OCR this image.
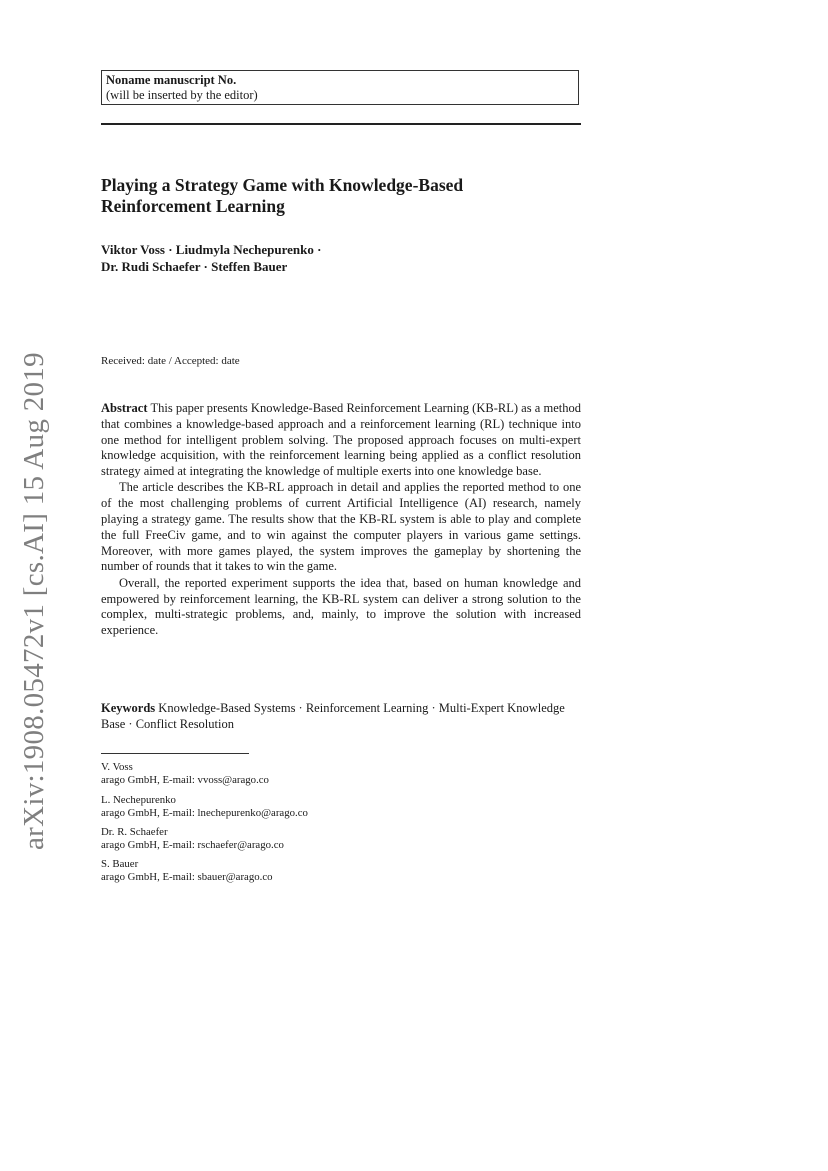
Noname manuscript No.
(will be inserted by the editor)
Playing a Strategy Game with Knowledge-Based
Reinforcement Learning
Viktor Voss · Liudmyla Nechepurenko ·
Dr. Rudi Schaefer · Steffen Bauer
Received: date / Accepted: date

Abstract This paper presents Knowledge-Based Reinforcement Learning (KB-RL) as a method that combines a knowledge-based approach and a reinforcement learning (RL) technique into one method for intelligent problem solving. The proposed approach focuses on multi-expert knowledge acquisition, with the reinforcement learning being applied as a conflict resolution strategy aimed at integrating the knowledge of multiple exerts into one knowledge base.

The article describes the KB-RL approach in detail and applies the reported method to one of the most challenging problems of current Artificial Intelligence (AI) research, namely playing a strategy game. The results show that the KB-RL system is able to play and complete the full FreeCiv game, and to win against the computer players in various game settings. Moreover, with more games played, the system improves the gameplay by shortening the number of rounds that it takes to win the game.

Overall, the reported experiment supports the idea that, based on human knowledge and empowered by reinforcement learning, the KB-RL system can deliver a strong solution to the complex, multi-strategic problems, and, mainly, to improve the solution with increased experience.

Keywords Knowledge-Based Systems · Reinforcement Learning · Multi-Expert Knowledge Base · Conflict Resolution
V. Voss
arago GmbH, E-mail: vvoss@arago.co
L. Nechepurenko
arago GmbH, E-mail: lnechepurenko@arago.co
Dr. R. Schaefer
arago GmbH, E-mail: rschaefer@arago.co
S. Bauer
arago GmbH, E-mail: sbauer@arago.co
arXiv:1908.05472v1 [cs.AI] 15 Aug 2019
